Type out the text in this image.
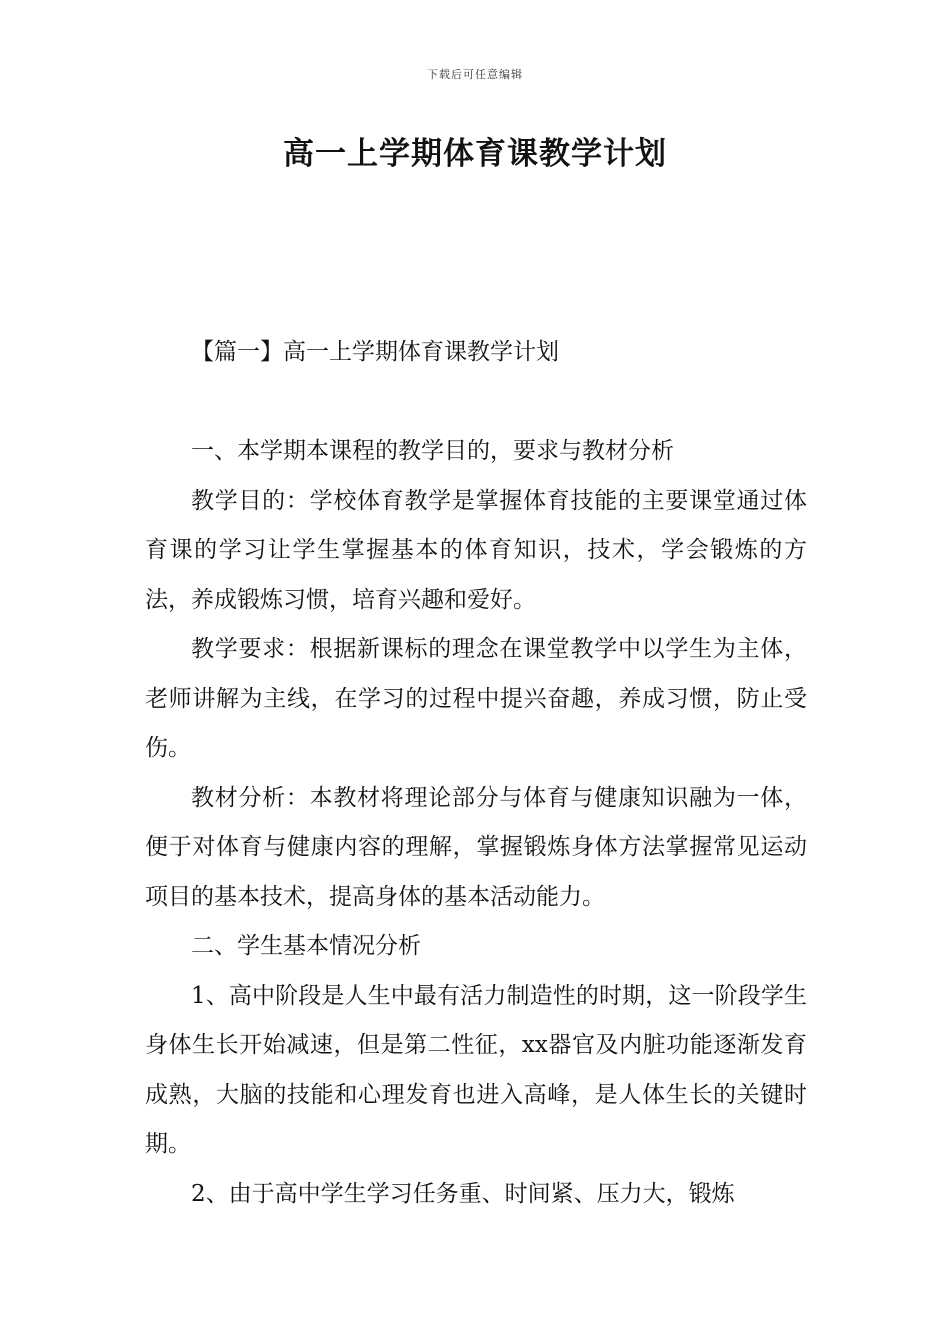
下载后可任意编辑
高一上学期体育课教学计划

【篇一】高一上学期体育课教学计划

一、本学期本课程的教学目的，要求与教材分析

教学目的：学校体育教学是掌握体育技能的主要课堂通过体育课的学习让学生掌握基本的体育知识，技术，学会锻炼的方法，养成锻炼习惯，培育兴趣和爱好。

教学要求：根据新课标的理念在课堂教学中以学生为主体，老师讲解为主线，在学习的过程中提兴奋趣，养成习惯，防止受伤。

教材分析：本教材将理论部分与体育与健康知识融为一体，便于对体育与健康内容的理解，掌握锻炼身体方法掌握常见运动项目的基本技术，提高身体的基本活动能力。

二、学生基本情况分析

1、高中阶段是人生中最有活力制造性的时期，这一阶段学生身体生长开始减速，但是第二性征，xx器官及内脏功能逐渐发育成熟，大脑的技能和心理发育也进入高峰，是人体生长的关键时期。

2、由于高中学生学习任务重、时间紧、压力大，锻炼
